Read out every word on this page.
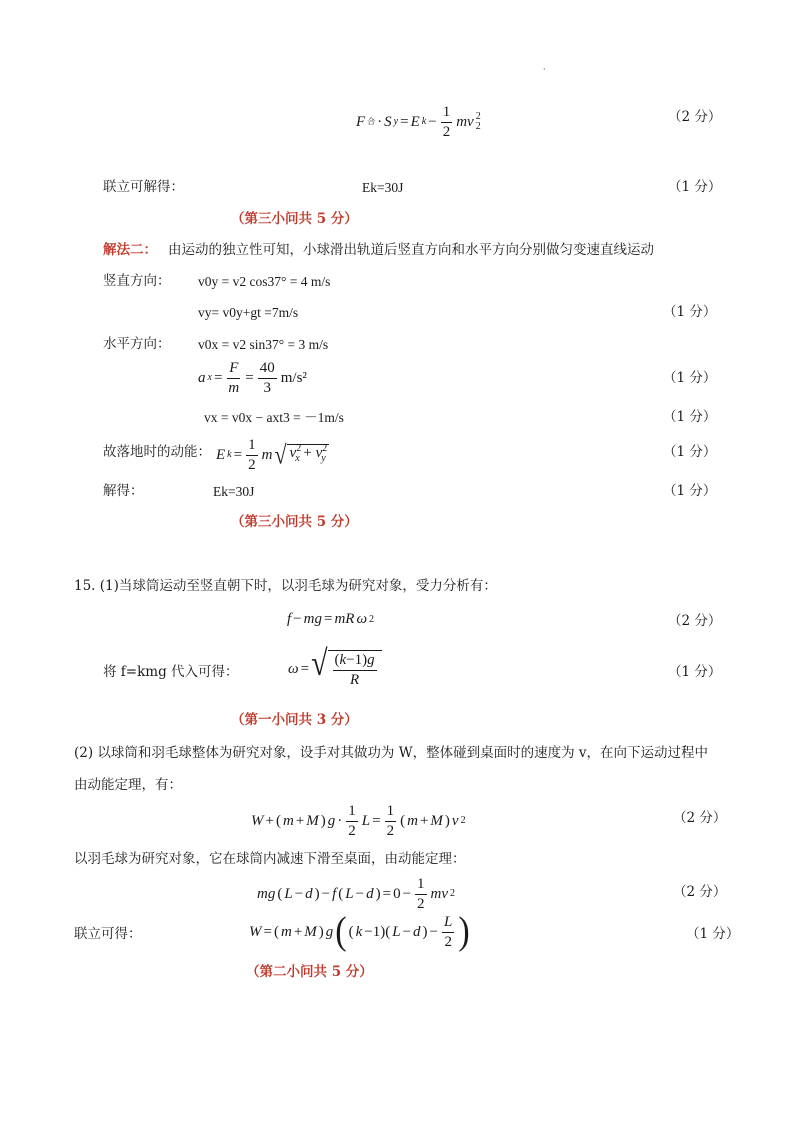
·
F 合 · S y = E $k - \frac{1}{2}$ mv 2
2
（2 分）
联立可解得：	Ek=30J	（1 分）
（第三小问共 5 分）
解法二： 由运动的独立性可知，小球滑出轨道后竖直方向和水平方向分别做匀变速直线运动
竖直方向： v0y = v2 cos37° = 4 m/s
vy= v0y+gt =7m/s	（1 分）
水平方向： v0x = v2 sin37° = 3 m/s
a $x = \frac{F}{m} = \frac{40}{3} m/s^2$	（1 分）
vx = v0x − axt3 = －1m/s	（1 分）
故落地时的动能： E $k = \frac{1}{2}$ m √ $v^2_x + v^2_y$	（1 分）
解得：	Ek=30J	（1 分）
（第三小问共 5 分）
15. (1)当球筒运动至竖直朝下时，以羽毛球为研究对象，受力分析有：
f − mg = mR ω 2	（2 分）
将 f=kmg 代入可得：	ω = √ $\frac{(k-1)g}{R}$	（1 分）
（第一小问共 3 分）
(2) 以球筒和羽毛球整体为研究对象，设手对其做功为 W，整体碰到桌面时的速度为 v，在向下运动过程中
由动能定理，有：
W + ( m + M ) $g \cdot \frac{1}{2}$ $L = \frac{1}{2}$ ( m + M ) v 2	（2 分）
以羽毛球为研究对象，它在球筒内减速下滑至桌面，由动能定理：
mg ( L − d ) − f ( L − d ) = $0 - \frac{1}{2}$ mv 2	（2 分）
联立可得：	W = ( m + M ) g ( ( k −1)( L − d ) − $\frac{L}{2}$ )	（1 分）
（第二小问共 5 分）
